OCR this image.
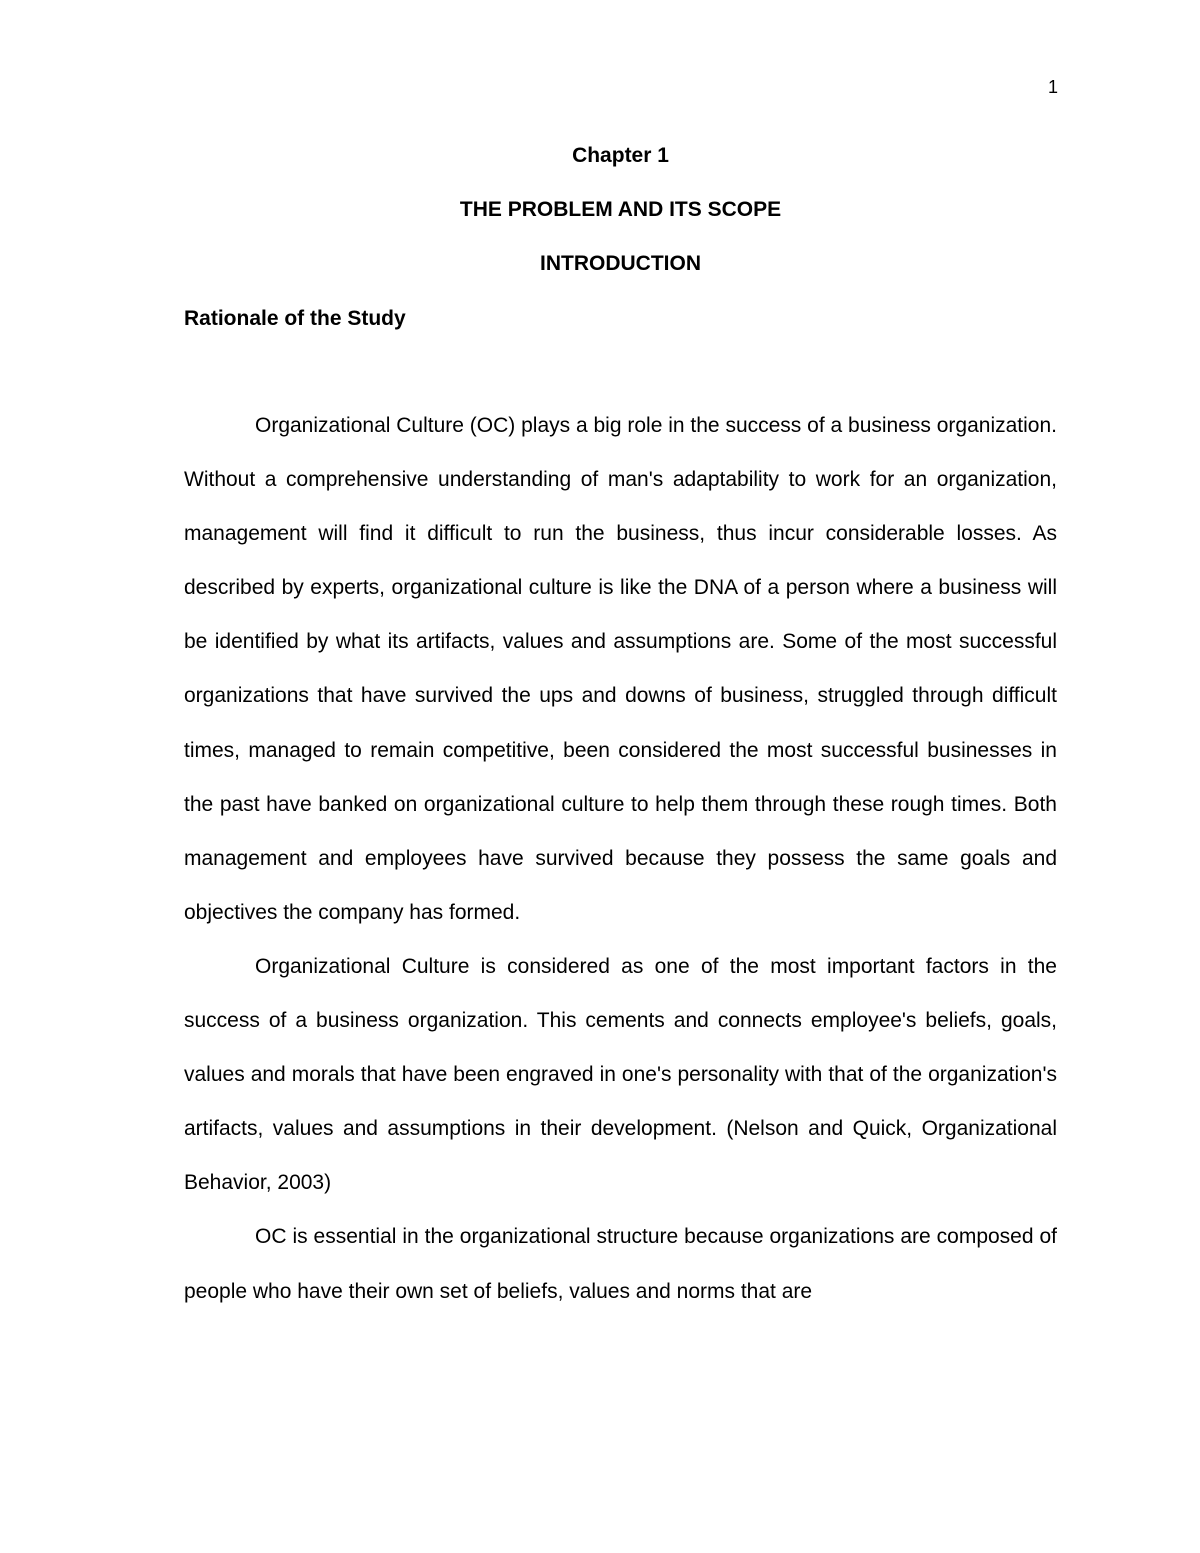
1
Chapter 1
THE PROBLEM AND ITS SCOPE
INTRODUCTION
Rationale of the Study

Organizational Culture (OC) plays a big role in the success of a business organization. Without a comprehensive understanding of man's adaptability to work for an organization, management will find it difficult to run the business, thus incur considerable losses. As described by experts, organizational culture is like the DNA of a person where a business will be identified by what its artifacts, values and assumptions are. Some of the most successful organizations that have survived the ups and downs of business, struggled through difficult times, managed to remain competitive, been considered the most successful businesses in the past have banked on organizational culture to help them through these rough times. Both management and employees have survived because they possess the same goals and objectives the company has formed.

Organizational Culture is considered as one of the most important factors in the success of a business organization. This cements and connects employee's beliefs, goals, values and morals that have been engraved in one's personality with that of the organization's artifacts, values and assumptions in their development. (Nelson and Quick, Organizational Behavior, 2003)

OC is essential in the organizational structure because organizations are composed of people who have their own set of beliefs, values and norms that are
